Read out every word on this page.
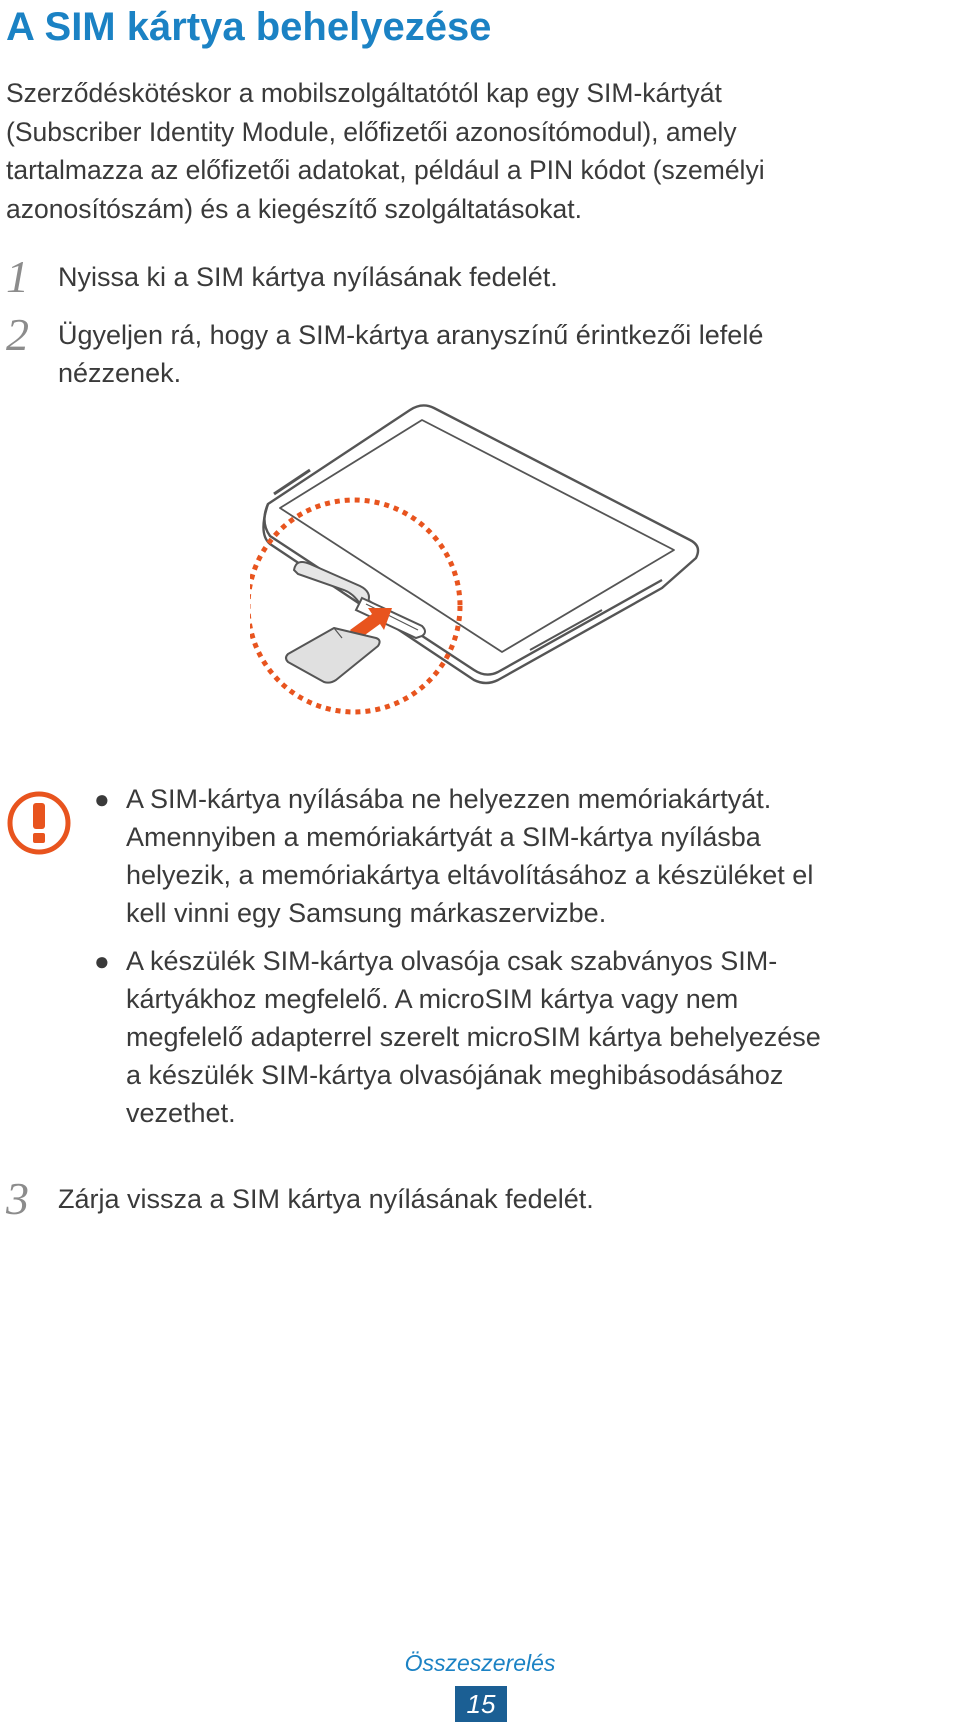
A SIM kártya behelyezése
Szerződéskötéskor a mobilszolgáltatótól kap egy SIM-kártyát
(Subscriber Identity Module, előfizetői azonosítómodul), amely
tartalmazza az előfizetői adatokat, például a PIN kódot (személyi
azonosítószám) és a kiegészítő szolgáltatásokat.
1 Nyissa ki a SIM kártya nyílásának fedelét.
2 Ügyeljen rá, hogy a SIM-kártya aranyszínű érintkezői lefelé
nézzenek.
● A SIM-kártya nyílásába ne helyezzen memóriakártyát.
Amennyiben a memóriakártyát a SIM-kártya nyílásba
helyezik, a memóriakártya eltávolításához a készüléket el
kell vinni egy Samsung márkaszervizbe.
● A készülék SIM-kártya olvasója csak szabványos SIM-
kártyákhoz megfelelő. A microSIM kártya vagy nem
megfelelő adapterrel szerelt microSIM kártya behelyezése
a készülék SIM-kártya olvasójának meghibásodásához
vezethet.
3 Zárja vissza a SIM kártya nyílásának fedelét.
Összeszerelés
15
